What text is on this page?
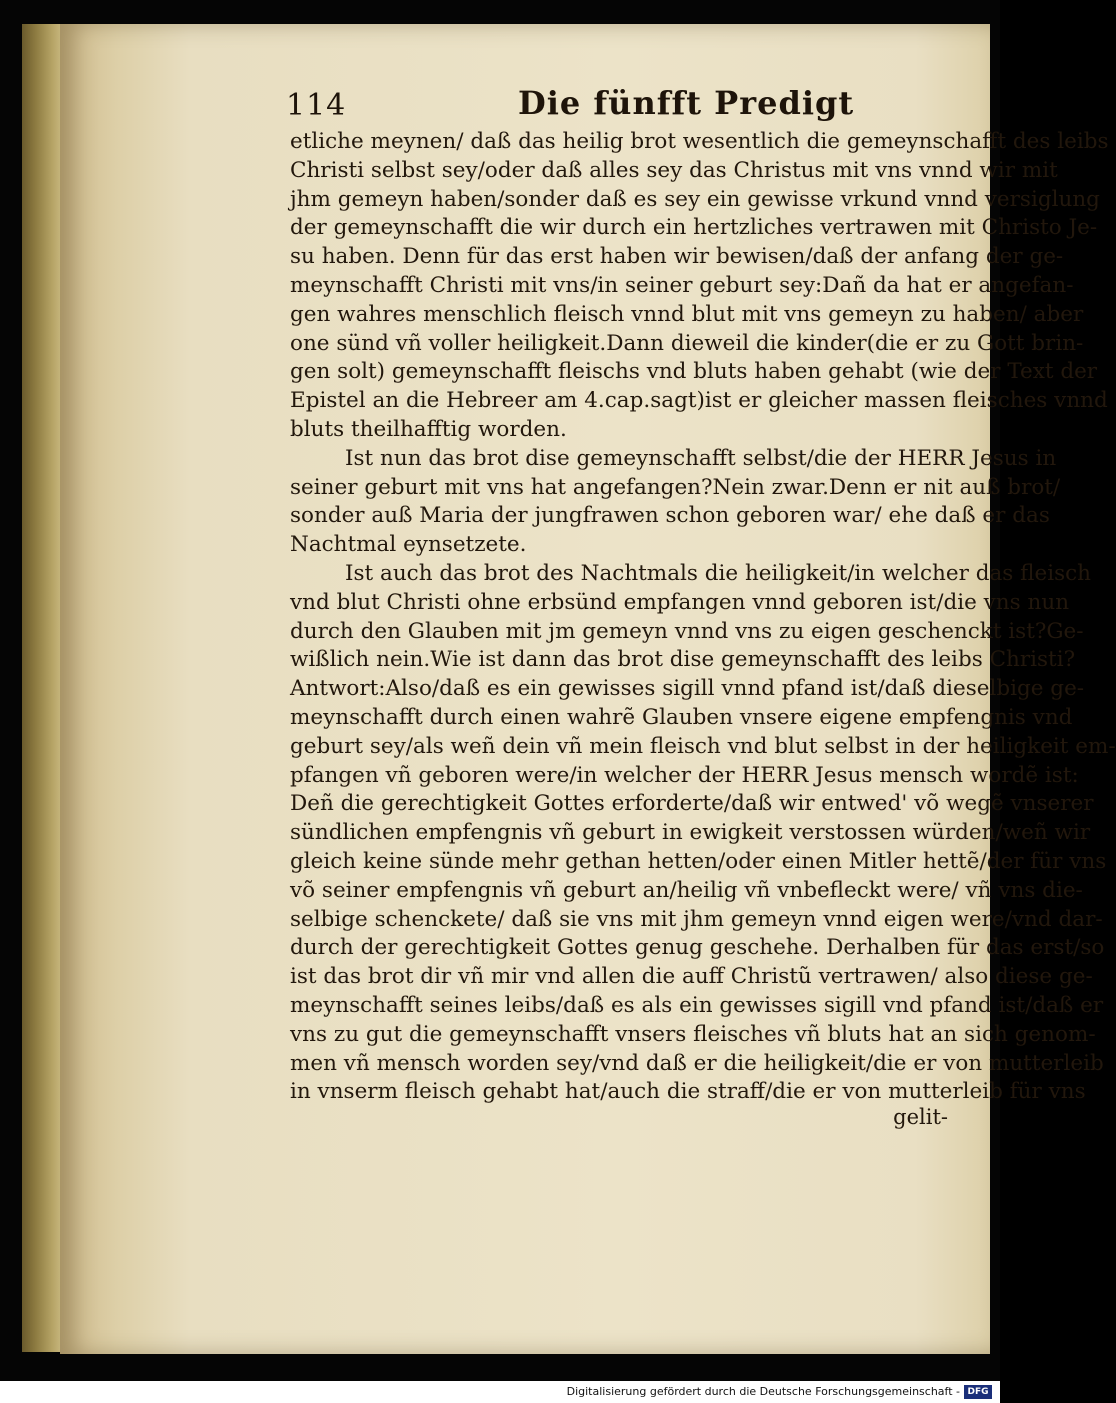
114	Die fünfft Predigt
etliche meynen/ daß das heilig brot wesentlich die gemeynschafft des leibs
Christi selbst sey/oder daß alles sey das Christus mit vns vnnd wir mit
jhm gemeyn haben/sonder daß es sey ein gewisse vrkund vnnd versiglung
der gemeynschafft die wir durch ein hertzliches vertrawen mit Christo Je-
su haben. Denn für das erst haben wir bewisen/daß der anfang der ge-
meynschafft Christi mit vns/in seiner geburt sey:Dañ da hat er angefan-
gen wahres menschlich fleisch vnnd blut mit vns gemeyn zu haben/ aber
one sünd vñ voller heiligkeit.Dann dieweil die kinder(die er zu Gott brin-
gen solt) gemeynschafft fleischs vnd bluts haben gehabt (wie der Text der
Epistel an die Hebreer am 4.cap.sagt)ist er gleicher massen fleisches vnnd
bluts theilhafftig worden.
Ist nun das brot dise gemeynschafft selbst/die der HERR Jesus in
seiner geburt mit vns hat angefangen?Nein zwar.Denn er nit auß brot/
sonder auß Maria der jungfrawen schon geboren war/ ehe daß er das
Nachtmal eynsetzete.
Ist auch das brot des Nachtmals die heiligkeit/in welcher das fleisch
vnd blut Christi ohne erbsünd empfangen vnnd geboren ist/die vns nun
durch den Glauben mit jm gemeyn vnnd vns zu eigen geschenckt ist?Ge-
wißlich nein.Wie ist dann das brot dise gemeynschafft des leibs Christi?
Antwort:Also/daß es ein gewisses sigill vnnd pfand ist/daß dieselbige ge-
meynschafft durch einen wahrẽ Glauben vnsere eigene empfengnis vnd
geburt sey/als weñ dein vñ mein fleisch vnd blut selbst in der heiligkeit em-
pfangen vñ geboren were/in welcher der HERR Jesus mensch wordẽ ist:
Deñ die gerechtigkeit Gottes erforderte/daß wir entwed' võ wegẽ vnserer
sündlichen empfengnis vñ geburt in ewigkeit verstossen würden/weñ wir
gleich keine sünde mehr gethan hetten/oder einen Mitler hettẽ/der für vns
võ seiner empfengnis vñ geburt an/heilig vñ vnbefleckt were/ vñ vns die-
selbige schenckete/ daß sie vns mit jhm gemeyn vnnd eigen were/vnd dar-
durch der gerechtigkeit Gottes genug geschehe. Derhalben für das erst/so
ist das brot dir vñ mir vnd allen die auff Christũ vertrawen/ also diese ge-
meynschafft seines leibs/daß es als ein gewisses sigill vnd pfand ist/daß er
vns zu gut die gemeynschafft vnsers fleisches vñ bluts hat an sich genom-
men vñ mensch worden sey/vnd daß er die heiligkeit/die er von mutterleib
in vnserm fleisch gehabt hat/auch die straff/die er von mutterleib für vns
gelit-
Digitalisierung gefördert durch die Deutsche Forschungsgemeinschaft - DFG
